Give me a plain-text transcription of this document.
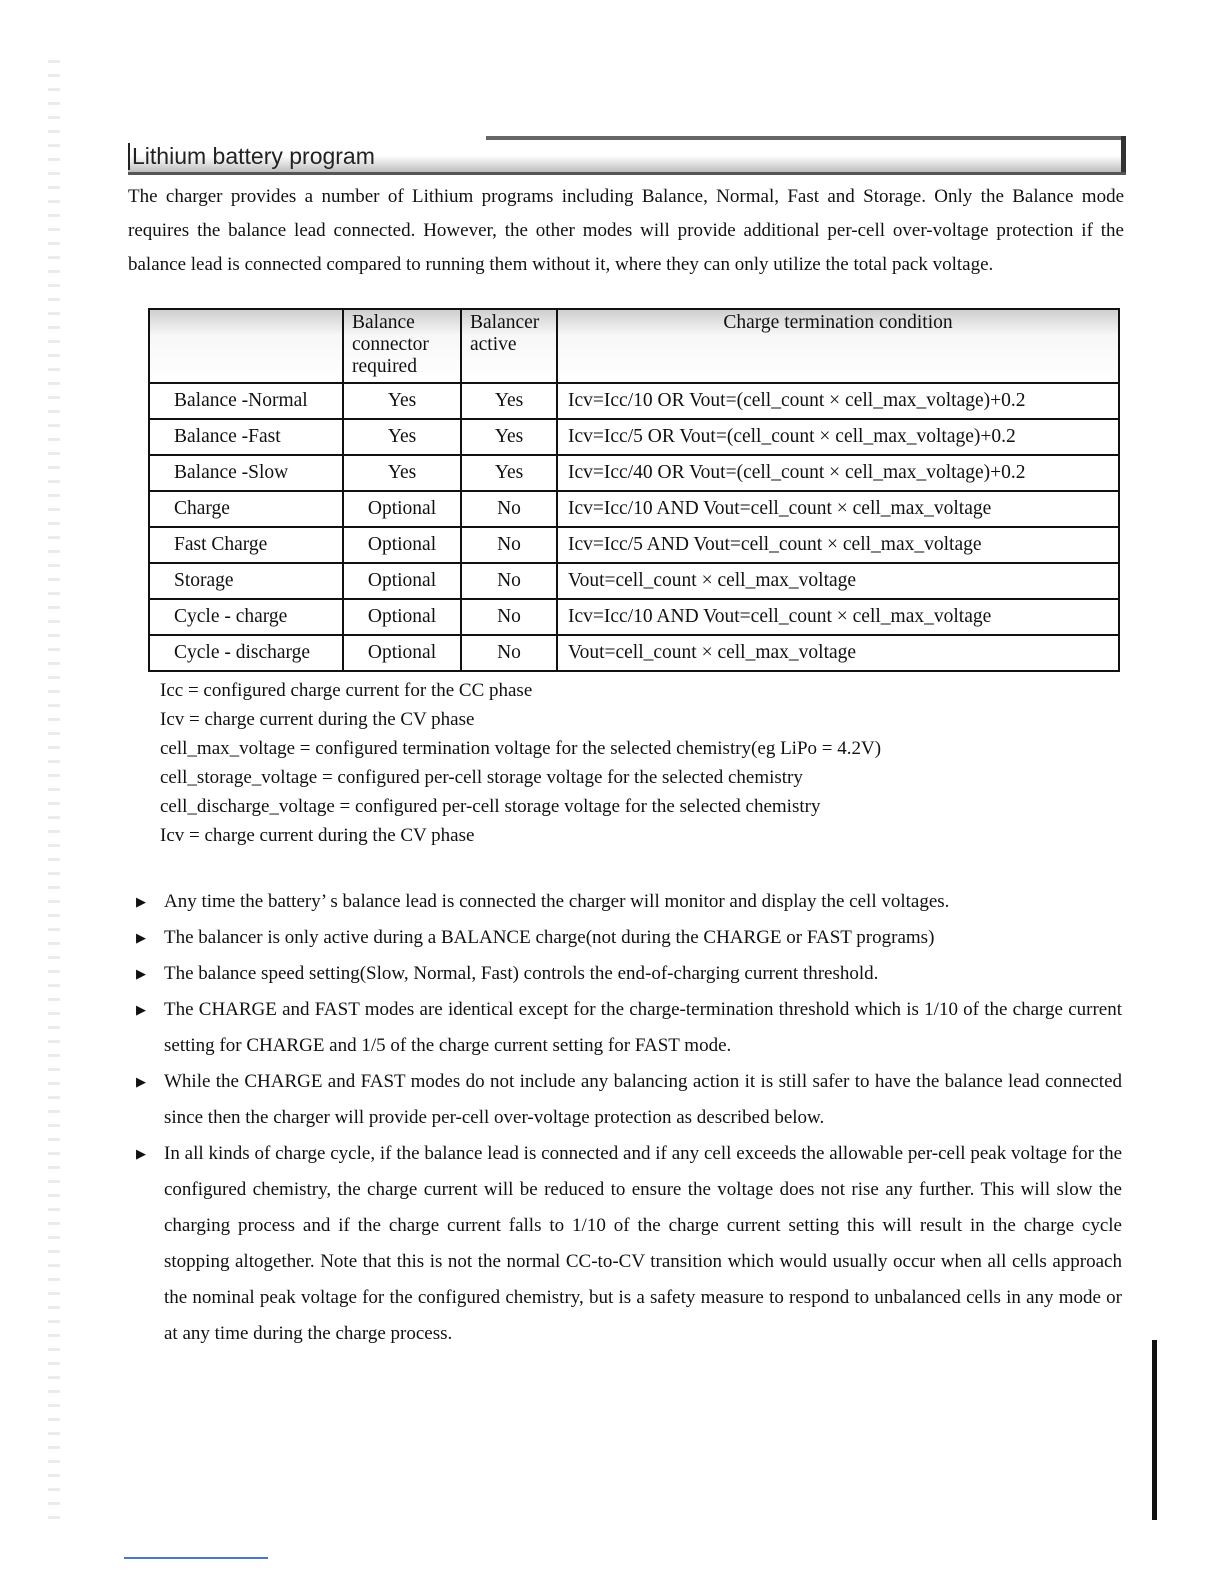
Lithium battery program

The charger provides a number of Lithium programs including Balance, Normal, Fast and Storage. Only the Balance mode requires the balance lead connected. However, the other modes will provide additional per-cell over-voltage protection if the balance lead is connected compared to running them without it, where they can only utilize the total pack voltage.

	Balance connector required	Balancer active	Charge termination condition
Balance -Normal	Yes	Yes	Icv=Icc/10 OR Vout=(cell_count × cell_max_voltage)+0.2
Balance -Fast	Yes	Yes	Icv=Icc/5 OR Vout=(cell_count × cell_max_voltage)+0.2
Balance -Slow	Yes	Yes	Icv=Icc/40 OR Vout=(cell_count × cell_max_voltage)+0.2
Charge	Optional	No	Icv=Icc/10 AND Vout=cell_count × cell_max_voltage
Fast Charge	Optional	No	Icv=Icc/5 AND Vout=cell_count × cell_max_voltage
Storage	Optional	No	Vout=cell_count × cell_max_voltage
Cycle - charge	Optional	No	Icv=Icc/10 AND Vout=cell_count × cell_max_voltage
Cycle - discharge	Optional	No	Vout=cell_count × cell_max_voltage
Icc = configured charge current for the CC phase
Icv = charge current during the CV phase
cell_max_voltage = configured termination voltage for the selected chemistry(eg LiPo = 4.2V)
cell_storage_voltage = configured per-cell storage voltage for the selected chemistry
cell_discharge_voltage = configured per-cell storage voltage for the selected chemistry
Icv = charge current during the CV phase
▶ Any time the battery’ s balance lead is connected the charger will monitor and display the cell voltages.
▶ The balancer is only active during a BALANCE charge(not during the CHARGE or FAST programs)
▶ The balance speed setting(Slow, Normal, Fast) controls the end-of-charging current threshold.
▶ The CHARGE and FAST modes are identical except for the charge-termination threshold which is 1/10 of the charge current setting for CHARGE and 1/5 of the charge current setting for FAST mode.
▶ While the CHARGE and FAST modes do not include any balancing action it is still safer to have the balance lead connected since then the charger will provide per-cell over-voltage protection as described below.
▶ In all kinds of charge cycle, if the balance lead is connected and if any cell exceeds the allowable per-cell peak voltage for the configured chemistry, the charge current will be reduced to ensure the voltage does not rise any further. This will slow the charging process and if the charge current falls to 1/10 of the charge current setting this will result in the charge cycle stopping altogether. Note that this is not the normal CC-to-CV transition which would usually occur when all cells approach the nominal peak voltage for the configured chemistry, but is a safety measure to respond to unbalanced cells in any mode or at any time during the charge process.
